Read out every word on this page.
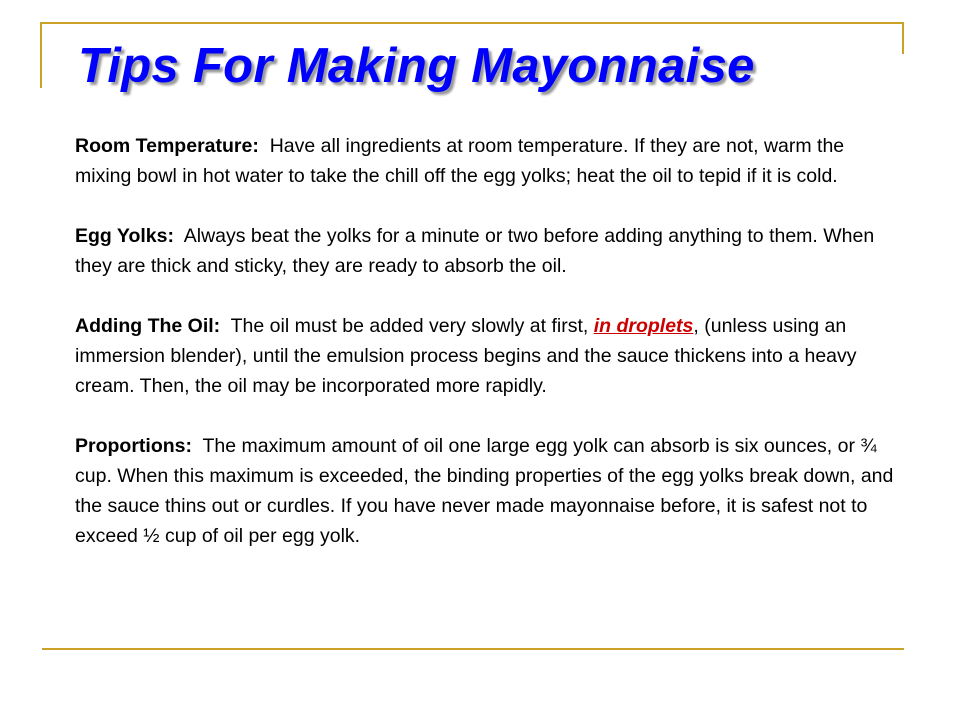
Tips For Making Mayonnaise

Room Temperature: Have all ingredients at room temperature. If they are not, warm the mixing bowl in hot water to take the chill off the egg yolks; heat the oil to tepid if it is cold.

Egg Yolks: Always beat the yolks for a minute or two before adding anything to them. When they are thick and sticky, they are ready to absorb the oil.

Adding The Oil: The oil must be added very slowly at first, in droplets, (unless using an immersion blender), until the emulsion process begins and the sauce thickens into a heavy cream. Then, the oil may be incorporated more rapidly.

Proportions: The maximum amount of oil one large egg yolk can absorb is six ounces, or ¾ cup. When this maximum is exceeded, the binding properties of the egg yolks break down, and the sauce thins out or curdles. If you have never made mayonnaise before, it is safest not to exceed ½ cup of oil per egg yolk.
